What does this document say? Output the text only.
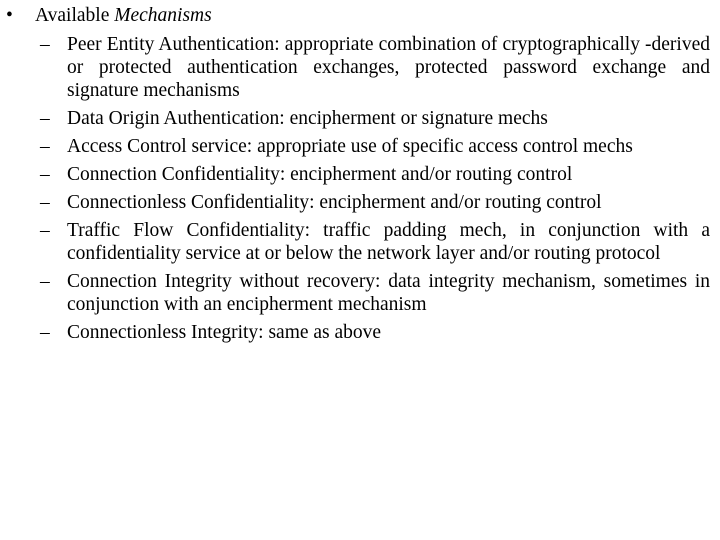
•	Available Mechanisms
– Peer Entity Authentication: appropriate combination of cryptographically -derived or protected authentication exchanges, protected password exchange and signature mechanisms
– Data Origin Authentication: encipherment or signature mechs
– Access Control service: appropriate use of specific access control mechs
– Connection Confidentiality: encipherment and/or routing control
– Connectionless Confidentiality: encipherment and/or routing control
– Traffic Flow Confidentiality: traffic padding mech, in conjunction with a confidentiality service at or below the network layer and/or routing protocol
– Connection Integrity without recovery: data integrity mechanism, sometimes in conjunction with an encipherment mechanism
– Connectionless Integrity: same as above
